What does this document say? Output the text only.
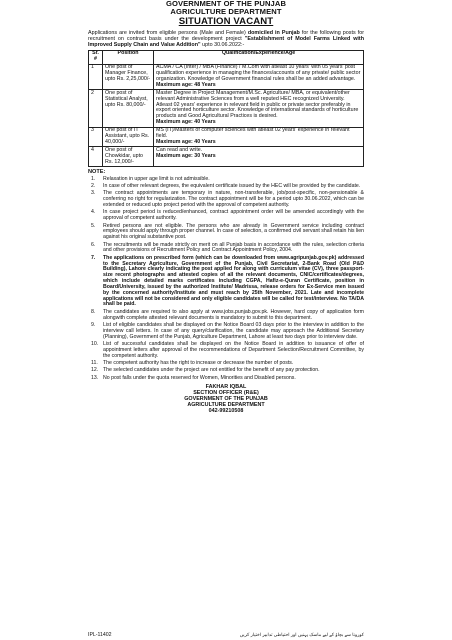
GOVERNMENT OF THE PUNJAB
AGRICULTURE DEPARTMENT
SITUATION VACANT
Applications are invited from eligible persons (Male and Female) domiciled in Punjab for the following posts for recruitment on contract basis under the development project "Establishment of Model Farms Linked with Improved Supply Chain and Value Addition" upto 30.06.2022:-
Sr. #	Position	Qualification/Experience/Age
1	One post of Manager Finance, upto Rs. 2,25,000/-	ACMA / CA (Inter) / MBA (Finance) / M.Com with atleast 10 years' with 05 years' post qualification experience in managing the finances/accounts of any private/ public sector organization. Knowledge of Government financial rules shall be an added advantage.
Maximum age: 48 Years
2	One post of Statistical Analyst, upto Rs. 80,000/-	Master Degree in Project Management/M.Sc. Agriculture/ MBA, or equivalent/other relevant Administrative Sciences from a well reputed HEC recognized University. Atleast 02 years' experience in relevant field in public or private sector preferably in export oriented horticulture sector. Knowledge of international standards of horticulture products and Good Agricultural Practices is desired.
Maximum age: 40 Years
3	One post of IT Assistant, upto Rs. 40,000/-	MS (IT)/Masters of computer sciences with atleast 02 years' experience in relevant field.
Maximum age: 40 Years
4	One post of Chowkidar, upto Rs. 12,000/-	Can read and write.
Maximum age: 30 Years
NOTE:
1.	Relaxation in upper age limit is not admissible.
2.	In case of other relevant degrees, the equivalent certificate issued by the HEC will be provided by the candidate.
3.	The contract appointments are temporary in nature, non-transferable, job/post-specific, non-pensionable & conferring no right for regularization. The contract appointment will be for a period upto 30.06.2022, which can be extended or reduced upto project period with the approval of competent authority.
4.	In case project period is reduced/enhanced, contract appointment order will be amended accordingly with the approval of competent authority.
5.	Retired persons are not eligible. The persons who are already in Government service including contract employees should apply through proper channel. In case of selection, a confirmed civil servant shall retain his lien against his original substantive post.
6.	The recruitments will be made strictly on merit on all Punjab basis in accordance with the rules, selection criteria and other provisions of Recruitment Policy and Contract Appointment Policy, 2004.
7.	The applications on prescribed form (which can be downloaded from www.agripunjab.gov.pk) addressed to the Secretary Agriculture, Government of the Punjab, Civil Secretariat, 2-Bank Road (Old P&D Building), Lahore clearly indicating the post applied for along with curriculum vitae (CV), three passport-size recent photographs and attested copies of all the relevant documents, CNIC/certificates/degrees, which include detailed marks certificates including CGPA, Hafiz-e-Quran Certificate, position in Board/University, issued by the authorized Institute/ Madrissa, release orders for Ex-Service men issued by the concerned authority/Institute and must reach by 25th November, 2021. Late and incomplete applications will not be considered and only eligible candidates will be called for test/interview. No TA/DA shall be paid.
8.	The candidates are required to also apply at www.jobs.punjab.gov.pk. However, hard copy of application form alongwith complete attested relevant documents is mandatory to submit to this department.
9.	List of eligible candidates shall be displayed on the Notice Board 03 days prior to the interview in addition to the interview call letters. In case of any query/clarification, the candidate may approach the Additional Secretary (Planning), Government of the Punjab, Agriculture Department, Lahore at least two days prior to interview date.
10. List of successful candidates shall be displayed on the Notice Board in addition to issuance of offer of appointment letters after approval of the recommendations of Department Selection/Recruitment Committee, by the competent authority.
11. The competent authority has the right to increase or decrease the number of posts.
12. The selected candidates under the project are not entitled for the benefit of any pay protection.
13. No post falls under the quota reserved for Women, Minorities and Disabled persons.
FAKHAR IQBAL
SECTION OFFICER (R&E)
GOVERNMENT OF THE PUNJAB
AGRICULTURE DEPARTMENT
042-99210508
IPL-11402	کورونا سے بچاؤ کے لیے ماسک پہنیں اور احتیاطی تدابیر اختیار کریں
